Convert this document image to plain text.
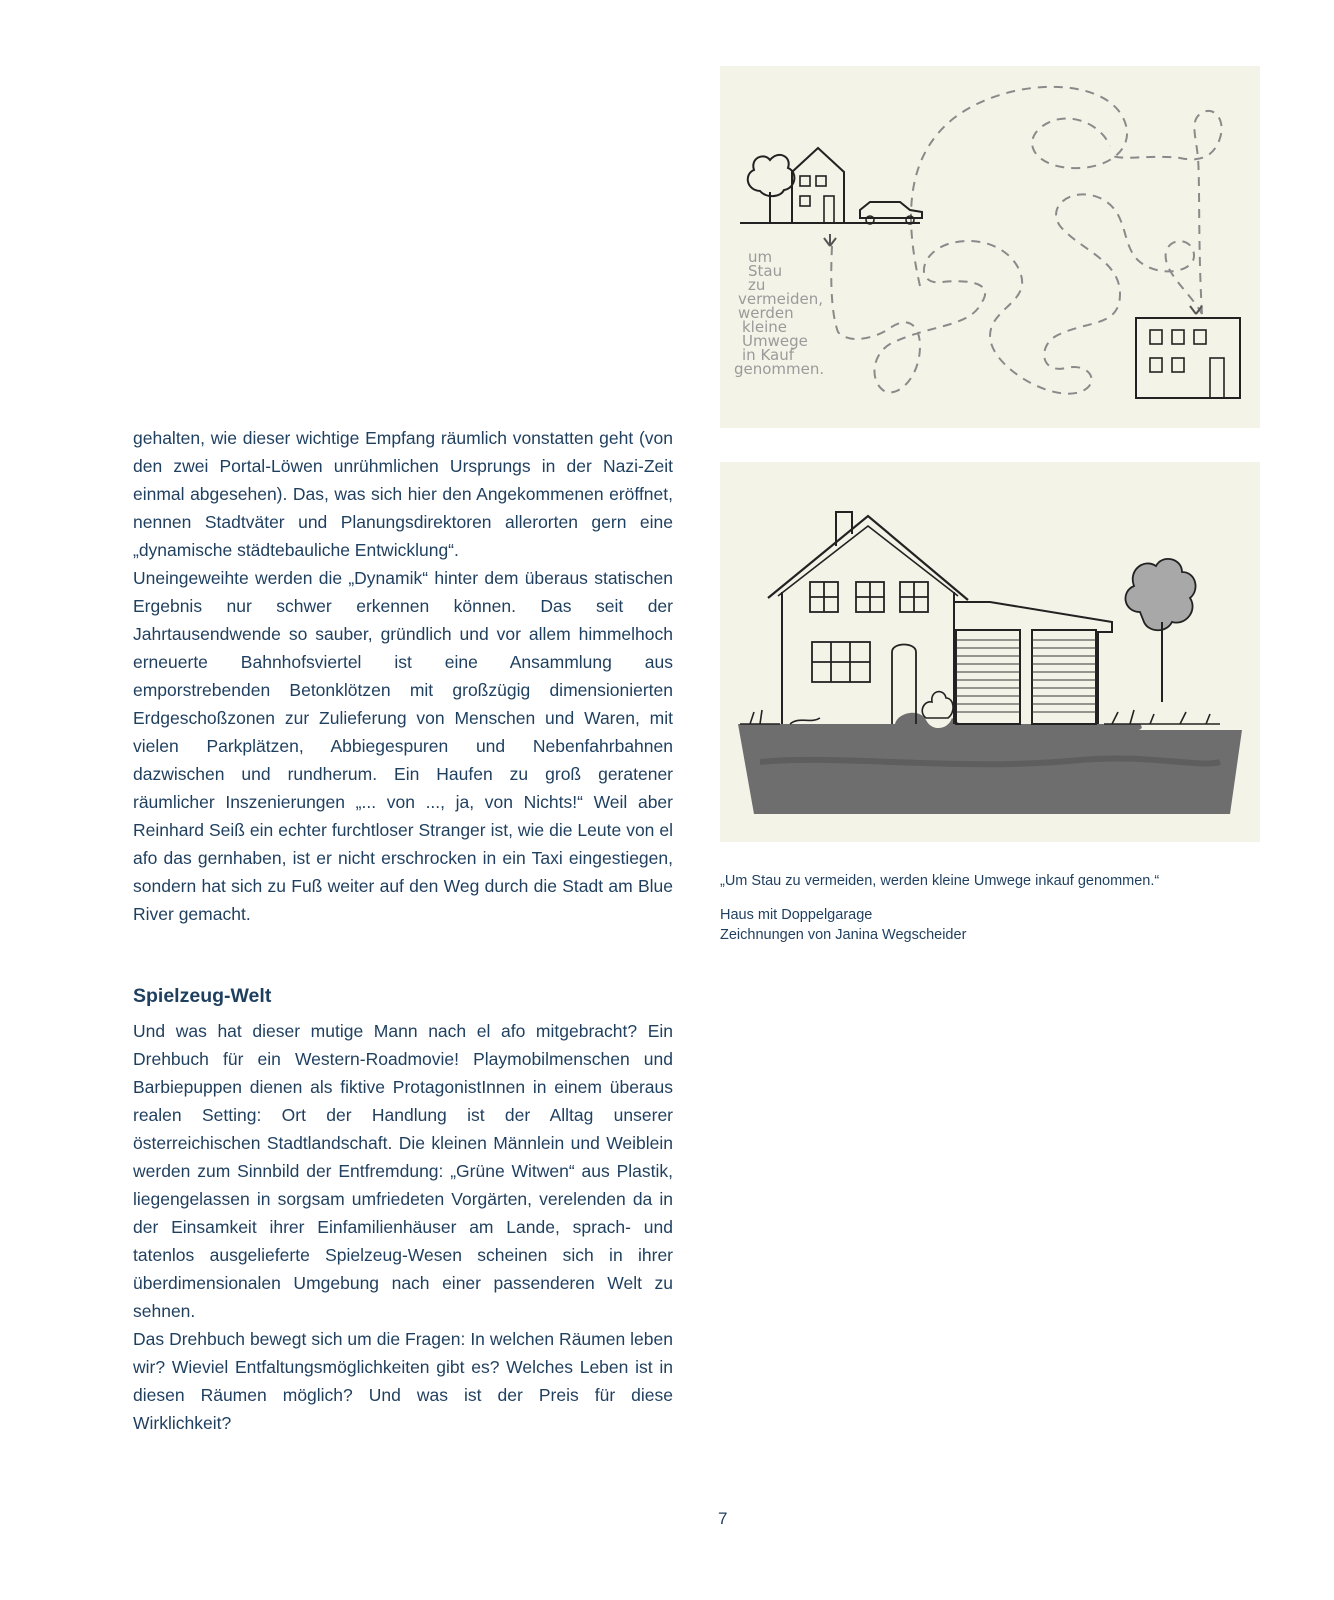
gehalten, wie dieser wichtige Empfang räumlich vonstatten geht (von den zwei Portal-Löwen unrühmlichen Ursprungs in der Nazi-Zeit einmal abgesehen). Das, was sich hier den Angekommenen eröffnet, nennen Stadtväter und Planungsdirektoren allerorten gern eine „dynamische städtebauliche Entwicklung“.

Uneingeweihte werden die „Dynamik“ hinter dem überaus statischen Ergebnis nur schwer erkennen können. Das seit der Jahrtausendwende so sauber, gründlich und vor allem himmelhoch erneuerte Bahnhofsviertel ist eine Ansammlung aus emporstrebenden Betonklötzen mit großzügig dimensionierten Erdgeschoßzonen zur Zulieferung von Menschen und Waren, mit vielen Parkplätzen, Abbiegespuren und Nebenfahrbahnen dazwischen und rundherum. Ein Haufen zu groß geratener räumlicher Inszenierungen „... von ..., ja, von Nichts!“ Weil aber Reinhard Seiß ein echter furchtloser Stranger ist, wie die Leute von el afo das gernhaben, ist er nicht erschrocken in ein Taxi eingestiegen, sondern hat sich zu Fuß weiter auf den Weg durch die Stadt am Blue River gemacht.

Spielzeug-Welt

Und was hat dieser mutige Mann nach el afo mitgebracht? Ein Drehbuch für ein Western-Roadmovie! Playmobilmenschen und Barbiepuppen dienen als fiktive ProtagonistInnen in einem überaus realen Setting: Ort der Handlung ist der Alltag unserer österreichischen Stadtlandschaft. Die kleinen Männlein und Weiblein werden zum Sinnbild der Entfremdung: „Grüne Witwen“ aus Plastik, liegengelassen in sorgsam umfriedeten Vorgärten, verelenden da in der Einsamkeit ihrer Einfamilienhäuser am Lande, sprach- und tatenlos ausgelieferte Spielzeug-Wesen scheinen sich in ihrer überdimensionalen Umgebung nach einer passenderen Welt zu sehnen.

Das Drehbuch bewegt sich um die Fragen: In welchen Räumen leben wir? Wieviel Entfaltungsmöglichkeiten gibt es? Welches Leben ist in diesen Räumen möglich? Und was ist der Preis für diese Wirklichkeit?

um
Stau
zu
vermeiden,
werden
kleine
Umwege
in Kauf
genommen.
„Um Stau zu vermeiden, werden kleine Umwege inkauf genommen.“
Haus mit Doppelgarage
Zeichnungen von Janina Wegscheider
7
